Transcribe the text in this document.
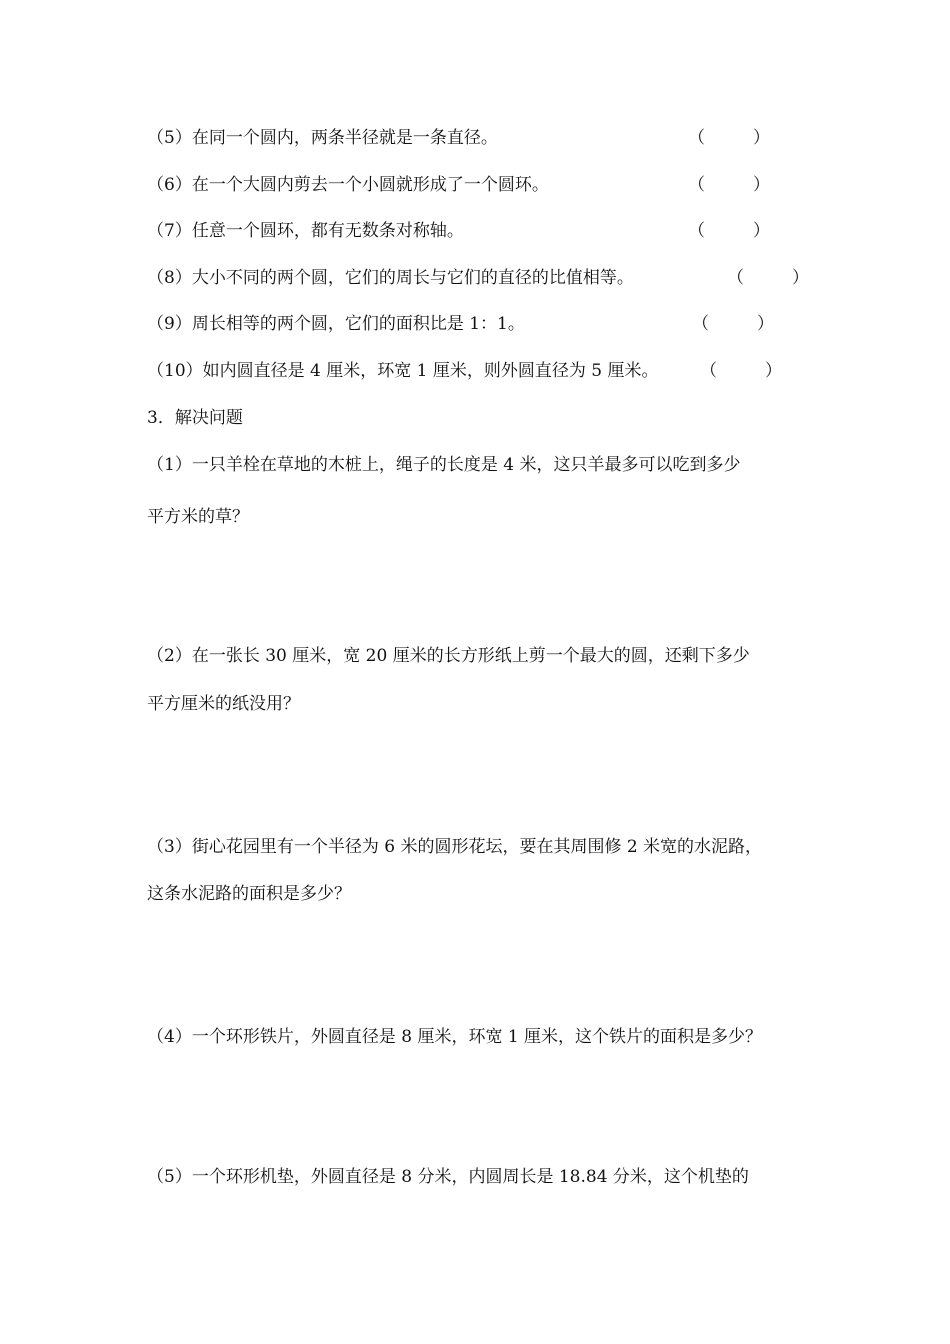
（5）在同一个圆内，两条半径就是一条直径。	（	）
（6）在一个大圆内剪去一个小圆就形成了一个圆环。	（	）
（7）任意一个圆环，都有无数条对称轴。	（	）
（8）大小不同的两个圆，它们的周长与它们的直径的比值相等。	（	）
（9）周长相等的两个圆，它们的面积比是 1：1。	（	）
（10）如内圆直径是 4 厘米，环宽 1 厘米，则外圆直径为 5 厘米。 （	）
3．解决问题
（1）一只羊栓在草地的木桩上，绳子的长度是 4 米，这只羊最多可以吃到多少
平方米的草？
（2）在一张长 30 厘米，宽 20 厘米的长方形纸上剪一个最大的圆，还剩下多少
平方厘米的纸没用？
（3）街心花园里有一个半径为 6 米的圆形花坛，要在其周围修 2 米宽的水泥路，
这条水泥路的面积是多少？
（4）一个环形铁片，外圆直径是 8 厘米，环宽 1 厘米，这个铁片的面积是多少？
（5）一个环形机垫，外圆直径是 8 分米，内圆周长是 18.84 分米，这个机垫的
